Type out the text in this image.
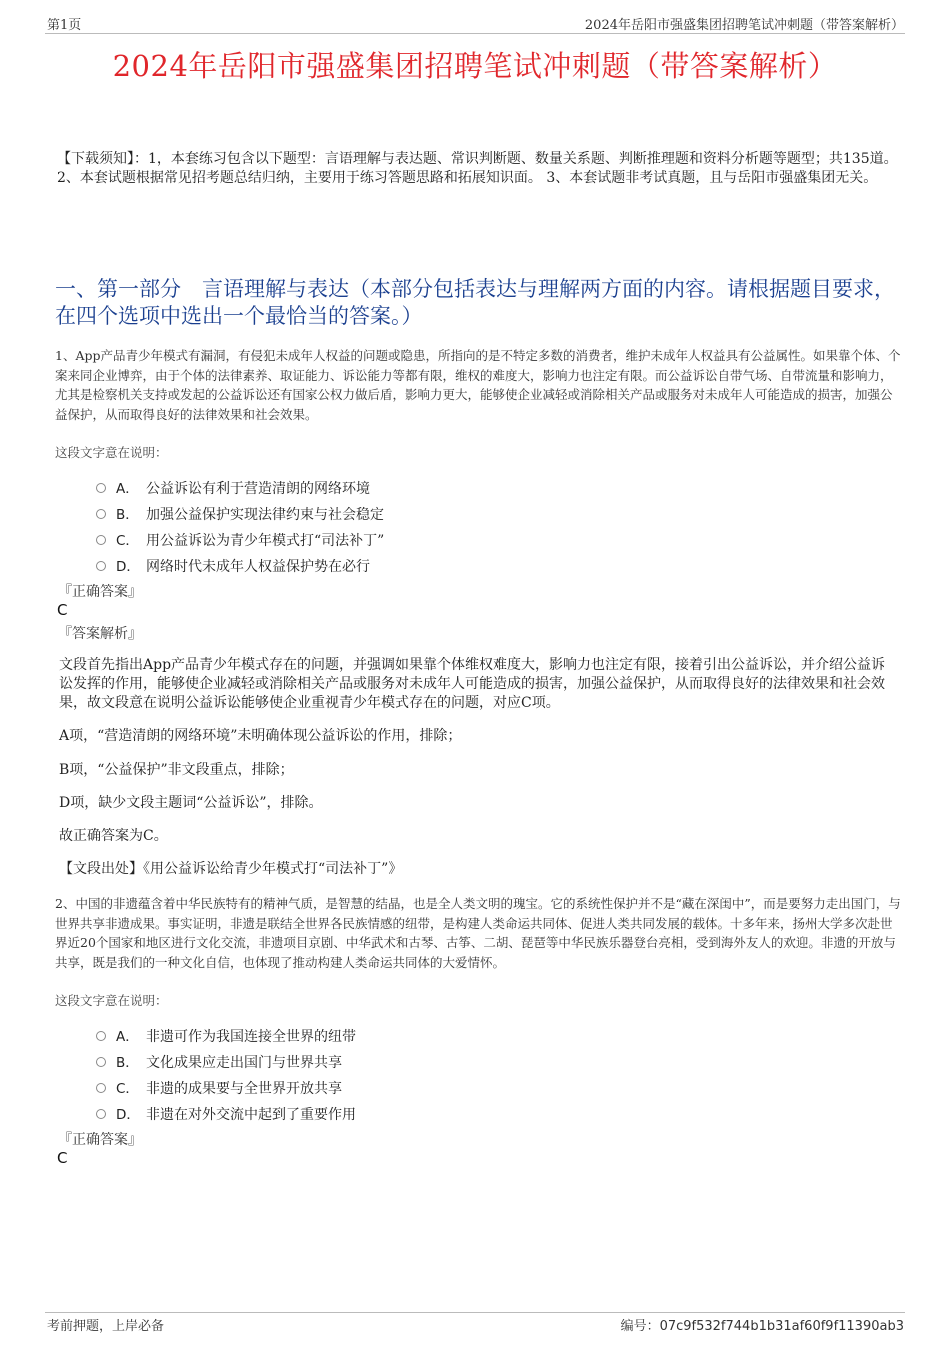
第1页	2024年岳阳市强盛集团招聘笔试冲刺题（带答案解析）
2024年岳阳市强盛集团招聘笔试冲刺题（带答案解析）
【下载须知】：1，本套练习包含以下题型：言语理解与表达题、常识判断题、数量关系题、判断推理题和资料分析题等题型；共135道。 2、本套试题根据常见招考题总结归纳，主要用于练习答题思路和拓展知识面。 3、本套试题非考试真题，且与岳阳市强盛集团无关。
一、第一部分　言语理解与表达（本部分包括表达与理解两方面的内容。请根据题目要求，在四个选项中选出一个最恰当的答案。）
1、App产品青少年模式有漏洞，有侵犯未成年人权益的问题或隐患，所指向的是不特定多数的消费者，维护未成年人权益具有公益属性。如果靠个体、个案来同企业博弈，由于个体的法律素养、取证能力、诉讼能力等都有限，维权的难度大，影响力也注定有限。而公益诉讼自带气场、自带流量和影响力，尤其是检察机关支持或发起的公益诉讼还有国家公权力做后盾，影响力更大，能够使企业减轻或消除相关产品或服务对未成年人可能造成的损害，加强公益保护，从而取得良好的法律效果和社会效果。
这段文字意在说明：
A． 公益诉讼有利于营造清朗的网络环境
B． 加强公益保护实现法律约束与社会稳定
C． 用公益诉讼为青少年模式打“司法补丁”
D． 网络时代未成年人权益保护势在必行
『正确答案』
C
『答案解析』
文段首先指出App产品青少年模式存在的问题，并强调如果靠个体维权难度大，影响力也注定有限，接着引出公益诉讼，并介绍公益诉讼发挥的作用，能够使企业减轻或消除相关产品或服务对未成年人可能造成的损害，加强公益保护，从而取得良好的法律效果和社会效果，故文段意在说明公益诉讼能够使企业重视青少年模式存在的问题，对应C项。
A项，“营造清朗的网络环境”未明确体现公益诉讼的作用，排除；
B项，“公益保护”非文段重点，排除；
D项，缺少文段主题词“公益诉讼”，排除。
故正确答案为C。
【文段出处】《用公益诉讼给青少年模式打“司法补丁”》
2、中国的非遗蕴含着中华民族特有的精神气质，是智慧的结晶，也是全人类文明的瑰宝。它的系统性保护并不是“藏在深闺中”，而是要努力走出国门，与世界共享非遗成果。事实证明，非遗是联结全世界各民族情感的纽带，是构建人类命运共同体、促进人类共同发展的载体。十多年来，扬州大学多次赴世界近20个国家和地区进行文化交流，非遗项目京剧、中华武术和古琴、古筝、二胡、琵琶等中华民族乐器登台亮相，受到海外友人的欢迎。非遗的开放与共享，既是我们的一种文化自信，也体现了推动构建人类命运共同体的大爱情怀。
这段文字意在说明：
A． 非遗可作为我国连接全世界的纽带
B． 文化成果应走出国门与世界共享
C． 非遗的成果要与全世界开放共享
D． 非遗在对外交流中起到了重要作用
『正确答案』
C
考前押题，上岸必备	编号：07c9f532f744b1b31af60f9f11390ab3
